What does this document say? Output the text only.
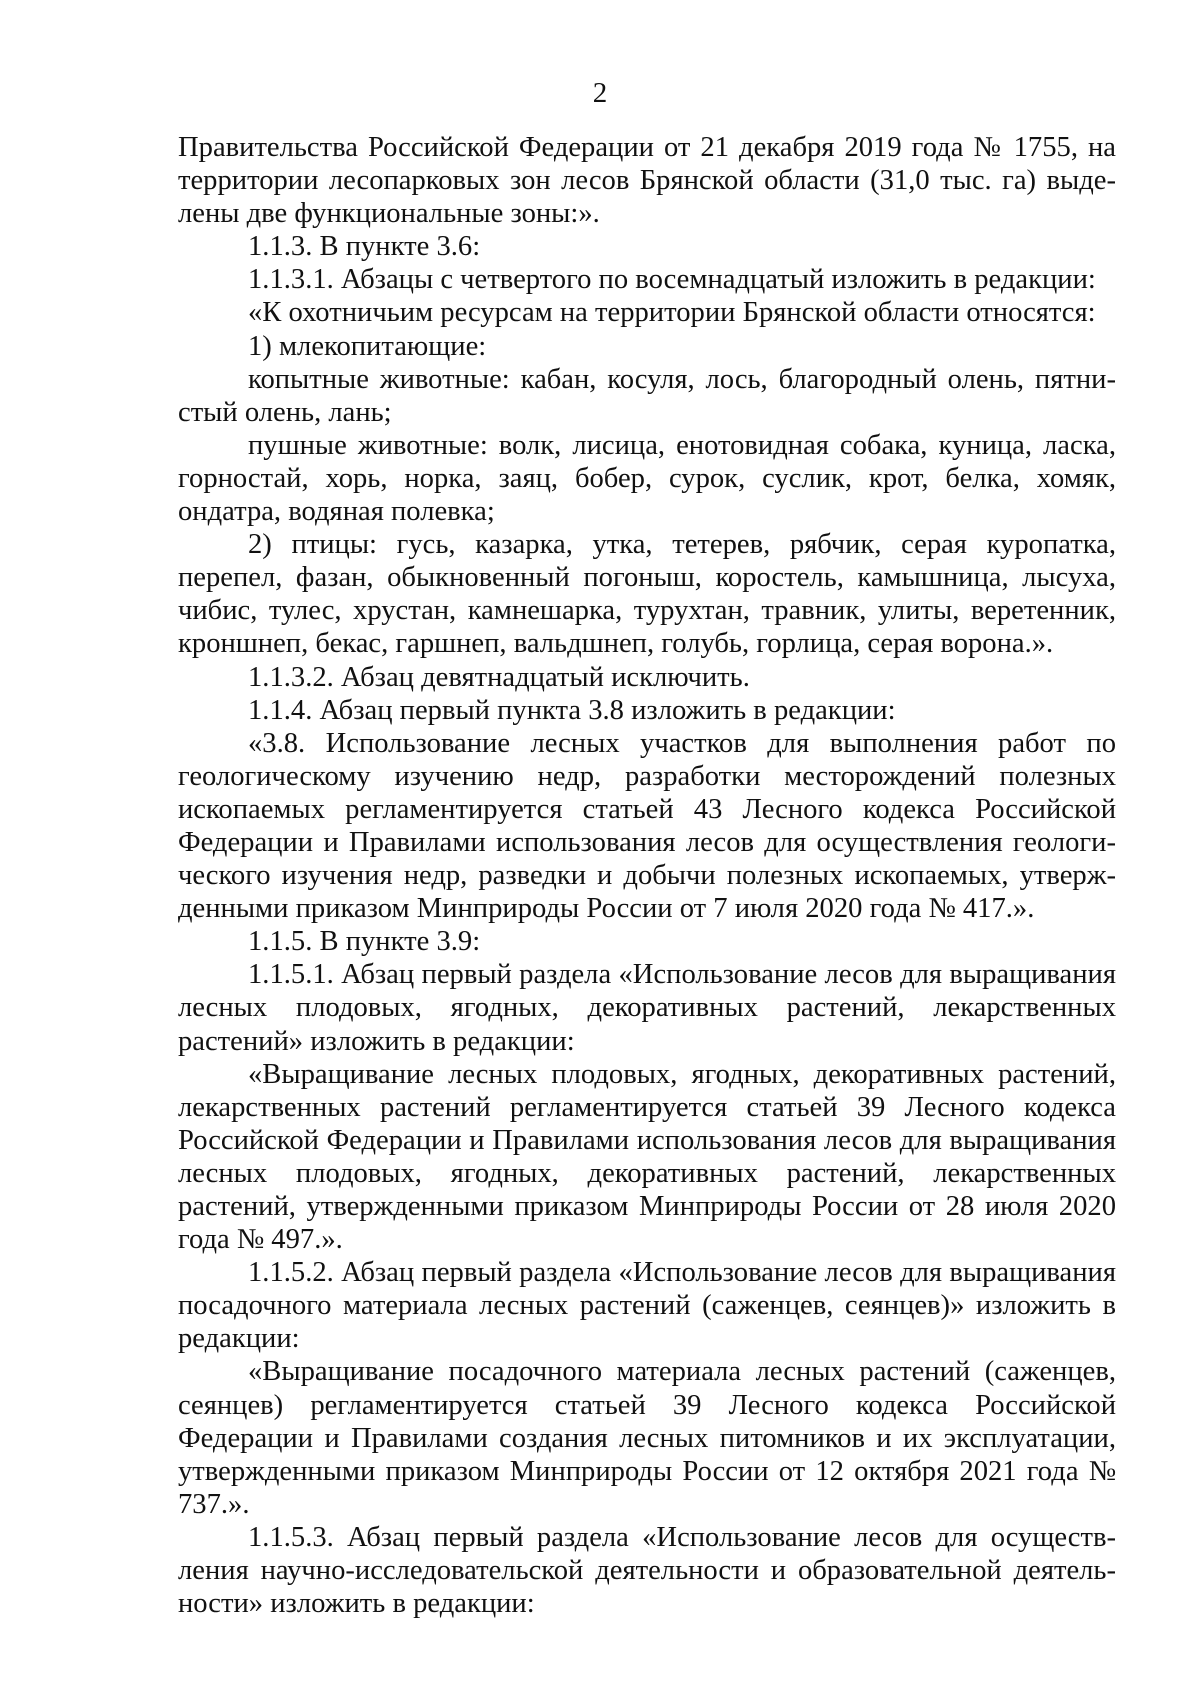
2

Правительства Российской Федерации от 21 декабря 2019 года № 1755, на территории лесопарковых зон лесов Брянской области (31,0 тыс. га) выделены две функциональные зоны:».

1.1.3. В пункте 3.6:

1.1.3.1. Абзацы с четвертого по восемнадцатый изложить в редакции:

«К охотничьим ресурсам на территории Брянской области относятся:

1) млекопитающие:

копытные животные: кабан, косуля, лось, благородный олень, пятнистый олень, лань;

пушные животные: волк, лисица, енотовидная собака, куница, ласка, горностай, хорь, норка, заяц, бобер, сурок, суслик, крот, белка, хомяк, ондатра, водяная полевка;

2) птицы: гусь, казарка, утка, тетерев, рябчик, серая куропатка, перепел, фазан, обыкновенный погоныш, коростель, камышница, лысуха, чибис, тулес, хрустан, камнешарка, турухтан, травник, улиты, веретенник, кроншнеп, бекас, гаршнеп, вальдшнеп, голубь, горлица, серая ворона.».

1.1.3.2. Абзац девятнадцатый исключить.

1.1.4. Абзац первый пункта 3.8 изложить в редакции:

«3.8. Использование лесных участков для выполнения работ по геологическому изучению недр, разработки месторождений полезных ископаемых регламентируется статьей 43 Лесного кодекса Российской Федерации и Правилами использования лесов для осуществления геологического изучения недр, разведки и добычи полезных ископаемых, утвержденными приказом Минприроды России от 7 июля 2020 года № 417.».

1.1.5. В пункте 3.9:

1.1.5.1. Абзац первый раздела «Использование лесов для выращивания лесных плодовых, ягодных, декоративных растений, лекарственных растений» изложить в редакции:

«Выращивание лесных плодовых, ягодных, декоративных растений, лекарственных растений регламентируется статьей 39 Лесного кодекса Российской Федерации и Правилами использования лесов для выращивания лесных плодовых, ягодных, декоративных растений, лекарственных растений, утвержденными приказом Минприроды России от 28 июля 2020 года № 497.».

1.1.5.2. Абзац первый раздела «Использование лесов для выращивания посадочного материала лесных растений (саженцев, сеянцев)» изложить в редакции:

«Выращивание посадочного материала лесных растений (саженцев, сеянцев) регламентируется статьей 39 Лесного кодекса Российской Федерации и Правилами создания лесных питомников и их эксплуатации, утвержденными приказом Минприроды России от 12 октября 2021 года № 737.».

1.1.5.3. Абзац первый раздела «Использование лесов для осуществления научно-исследовательской деятельности и образовательной деятельности» изложить в редакции:
